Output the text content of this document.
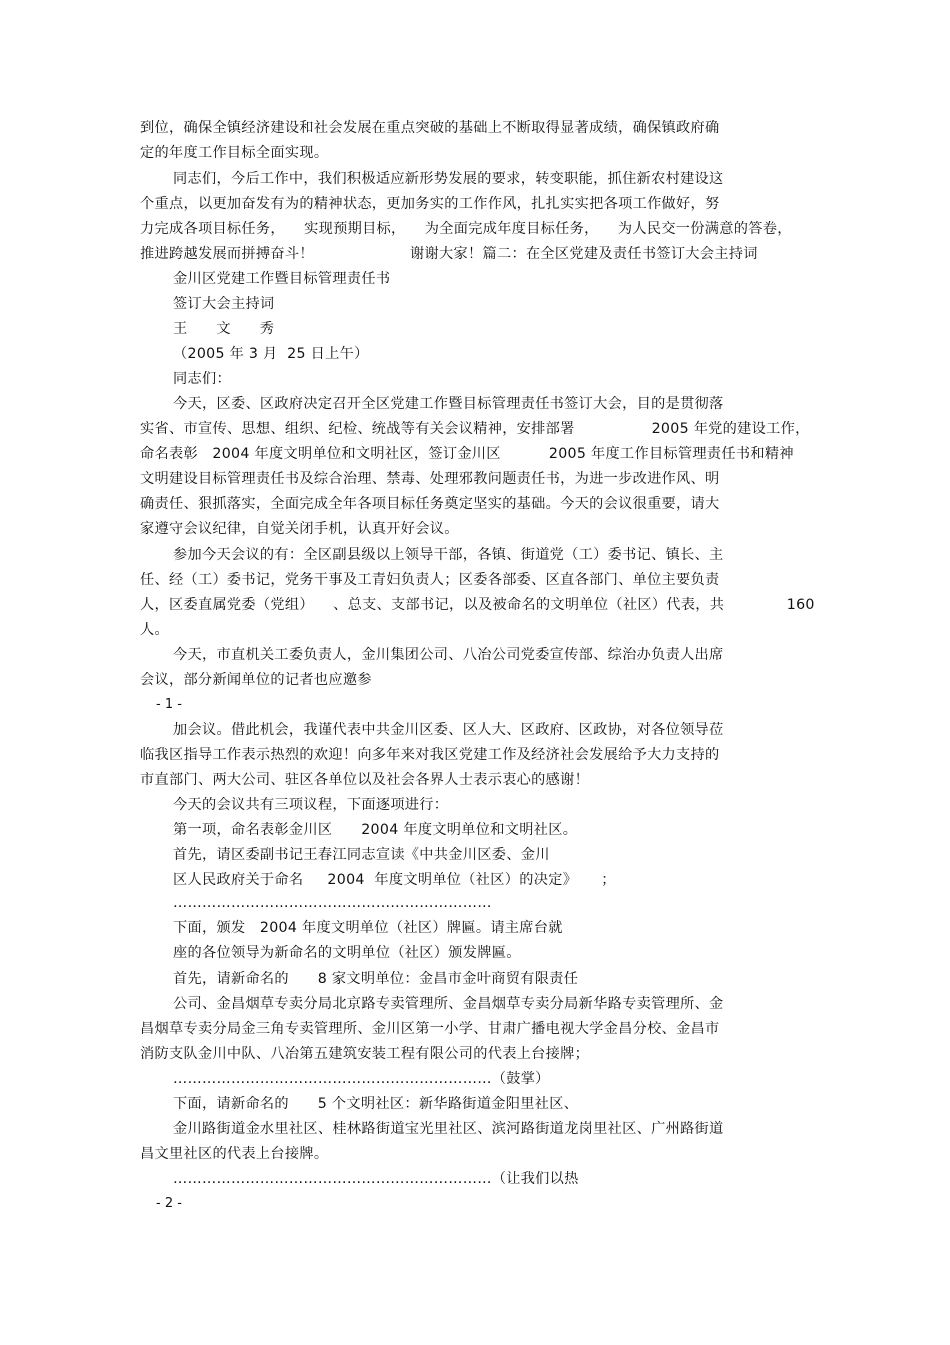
到位，确保全镇经济建设和社会发展在重点突破的基础上不断取得显著成绩，确保镇政府确
定的年度工作目标全面实现。
同志们，今后工作中，我们积极适应新形势发展的要求，转变职能，抓住新农村建设这
个重点，以更加奋发有为的精神状态，更加务实的工作作风，扎扎实实把各项工作做好，努
力完成各项目标任务，    实现预期目标，    为全面完成年度目标任务，    为人民交一份满意的答卷，
推进跨越发展而拼搏奋斗！                    谢谢大家！篇二：在全区党建及责任书签订大会主持词
金川区党建工作暨目标管理责任书
签订大会主持词
王      文      秀
（2005 年 3 月  25 日上午）
同志们：
今天，区委、区政府决定召开全区党建工作暨目标管理责任书签订大会，目的是贯彻落
实省、市宣传、思想、组织、纪检、统战等有关会议精神，安排部署                2005 年党的建设工作，
命名表彰   2004 年度文明单位和文明社区，签订金川区          2005 年度工作目标管理责任书和精神
文明建设目标管理责任书及综合治理、禁毒、处理邪教问题责任书，为进一步改进作风、明
确责任、狠抓落实，全面完成全年各项目标任务奠定坚实的基础。今天的会议很重要，请大
家遵守会议纪律，自觉关闭手机，认真开好会议。
参加今天会议的有：全区副县级以上领导干部，各镇、街道党（工）委书记、镇长、主
任、经（工）委书记，党务干事及工青妇负责人；区委各部委、区直各部门、单位主要负责
人，区委直属党委（党组）    、总支、支部书记，以及被命名的文明单位（社区）代表，共             160
人。
今天，市直机关工委负责人，金川集团公司、八冶公司党委宣传部、综治办负责人出席
会议，部分新闻单位的记者也应邀参
- 1 -
加会议。借此机会，我谨代表中共金川区委、区人大、区政府、区政协，对各位领导莅
临我区指导工作表示热烈的欢迎！向多年来对我区党建工作及经济社会发展给予大力支持的
市直部门、两大公司、驻区各单位以及社会各界人士表示衷心的感谢！
今天的会议共有三项议程，下面逐项进行：
第一项，命名表彰金川区      2004 年度文明单位和文明社区。
首先，请区委副书记王春江同志宣读《中共金川区委、金川
区人民政府关于命名     2004  年度文明单位（社区）的决定》     ；
…………………………………………………………
下面，颁发   2004 年度文明单位（社区）牌匾。请主席台就
座的各位领导为新命名的文明单位（社区）颁发牌匾。
首先，请新命名的      8 家文明单位：金昌市金叶商贸有限责任
公司、金昌烟草专卖分局北京路专卖管理所、金昌烟草专卖分局新华路专卖管理所、金
昌烟草专卖分局金三角专卖管理所、金川区第一小学、甘肃广播电视大学金昌分校、金昌市
消防支队金川中队、八冶第五建筑安装工程有限公司的代表上台接牌；
…………………………………………………………（鼓掌）
下面，请新命名的      5 个文明社区：新华路街道金阳里社区、
金川路街道金水里社区、桂林路街道宝光里社区、滨河路街道龙岗里社区、广州路街道
昌文里社区的代表上台接牌。
…………………………………………………………（让我们以热
- 2 -
